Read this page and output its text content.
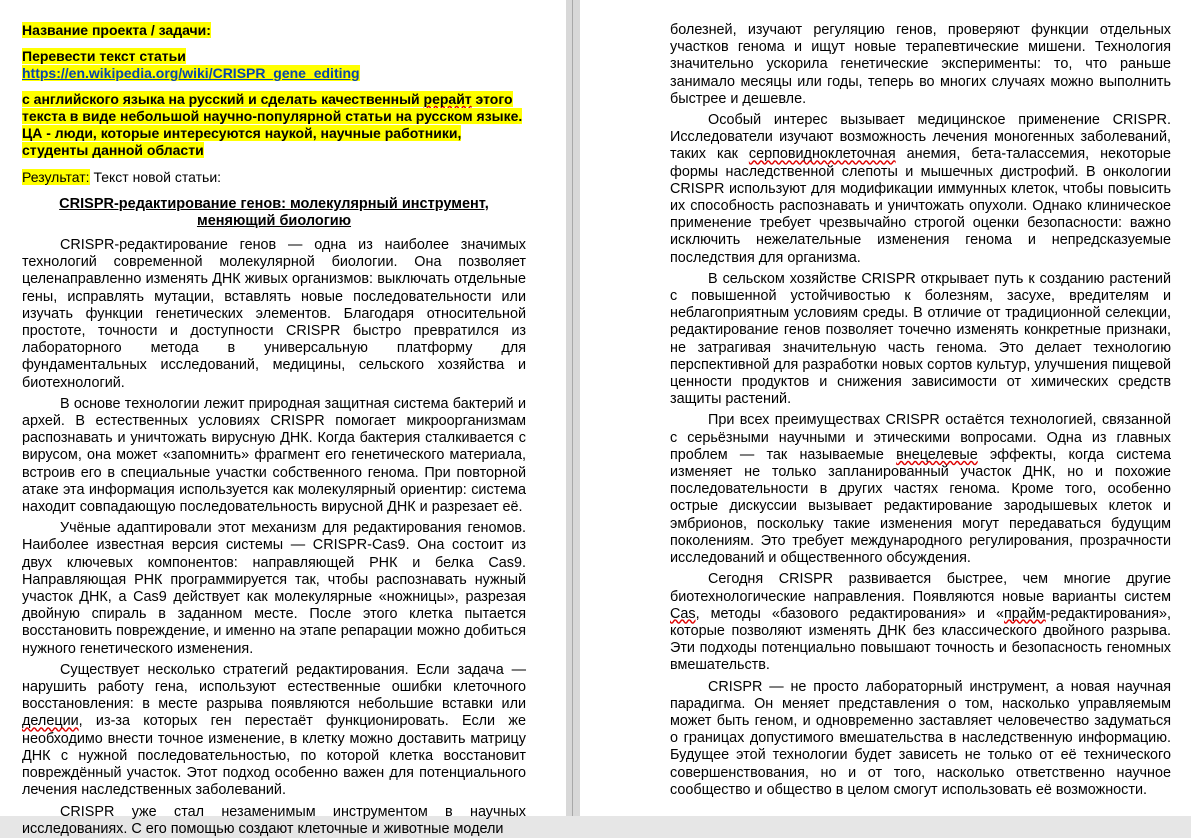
Название проекта / задачи:

Перевести текст статьи https://en.wikipedia.org/wiki/CRISPR_gene_editing

с английского языка на русский и сделать качественный рерайт этого текста в виде небольшой научно-популярной статьи на русском языке. ЦА - люди, которые интересуются наукой, научные работники, студенты данной области

Результат: Текст новой статьи:

CRISPR-редактирование генов: молекулярный инструмент, меняющий биологию

CRISPR-редактирование генов — одна из наиболее значимых технологий современной молекулярной биологии. Она позволяет целенаправленно изменять ДНК живых организмов: выключать отдельные гены, исправлять мутации, вставлять новые последовательности или изучать функции генетических элементов. Благодаря относительной простоте, точности и доступности CRISPR быстро превратился из лабораторного метода в универсальную платформу для фундаментальных исследований, медицины, сельского хозяйства и биотехнологий.

В основе технологии лежит природная защитная система бактерий и архей. В естественных условиях CRISPR помогает микроорганизмам распознавать и уничтожать вирусную ДНК. Когда бактерия сталкивается с вирусом, она может «запомнить» фрагмент его генетического материала, встроив его в специальные участки собственного генома. При повторной атаке эта информация используется как молекулярный ориентир: система находит совпадающую последовательность вирусной ДНК и разрезает её.

Учёные адаптировали этот механизм для редактирования геномов. Наиболее известная версия системы — CRISPR-Cas9. Она состоит из двух ключевых компонентов: направляющей РНК и белка Cas9. Направляющая РНК программируется так, чтобы распознавать нужный участок ДНК, а Cas9 действует как молекулярные «ножницы», разрезая двойную спираль в заданном месте. После этого клетка пытается восстановить повреждение, и именно на этапе репарации можно добиться нужного генетического изменения.

Существует несколько стратегий редактирования. Если задача — нарушить работу гена, используют естественные ошибки клеточного восстановления: в месте разрыва появляются небольшие вставки или делеции, из-за которых ген перестаёт функционировать. Если же необходимо внести точное изменение, в клетку можно доставить матрицу ДНК с нужной последовательностью, по которой клетка восстановит повреждённый участок. Этот подход особенно важен для потенциального лечения наследственных заболеваний.

CRISPR уже стал незаменимым инструментом в научных исследованиях. С его помощью создают клеточные и животные модели

болезней, изучают регуляцию генов, проверяют функции отдельных участков генома и ищут новые терапевтические мишени. Технология значительно ускорила генетические эксперименты: то, что раньше занимало месяцы или годы, теперь во многих случаях можно выполнить быстрее и дешевле.

Особый интерес вызывает медицинское применение CRISPR. Исследователи изучают возможность лечения моногенных заболеваний, таких как серповидноклеточная анемия, бета-талассемия, некоторые формы наследственной слепоты и мышечных дистрофий. В онкологии CRISPR используют для модификации иммунных клеток, чтобы повысить их способность распознавать и уничтожать опухоли. Однако клиническое применение требует чрезвычайно строгой оценки безопасности: важно исключить нежелательные изменения генома и непредсказуемые последствия для организма.

В сельском хозяйстве CRISPR открывает путь к созданию растений с повышенной устойчивостью к болезням, засухе, вредителям и неблагоприятным условиям среды. В отличие от традиционной селекции, редактирование генов позволяет точечно изменять конкретные признаки, не затрагивая значительную часть генома. Это делает технологию перспективной для разработки новых сортов культур, улучшения пищевой ценности продуктов и снижения зависимости от химических средств защиты растений.

При всех преимуществах CRISPR остаётся технологией, связанной с серьёзными научными и этическими вопросами. Одна из главных проблем — так называемые внецелевые эффекты, когда система изменяет не только запланированный участок ДНК, но и похожие последовательности в других частях генома. Кроме того, особенно острые дискуссии вызывает редактирование зародышевых клеток и эмбрионов, поскольку такие изменения могут передаваться будущим поколениям. Это требует международного регулирования, прозрачности исследований и общественного обсуждения.

Сегодня CRISPR развивается быстрее, чем многие другие биотехнологические направления. Появляются новые варианты систем Cas, методы «базового редактирования» и «прайм-редактирования», которые позволяют изменять ДНК без классического двойного разрыва. Эти подходы потенциально повышают точность и безопасность геномных вмешательств.

CRISPR — не просто лабораторный инструмент, а новая научная парадигма. Он меняет представления о том, насколько управляемым может быть геном, и одновременно заставляет человечество задуматься о границах допустимого вмешательства в наследственную информацию. Будущее этой технологии будет зависеть не только от её технического совершенствования, но и от того, насколько ответственно научное сообщество и общество в целом смогут использовать её возможности.
